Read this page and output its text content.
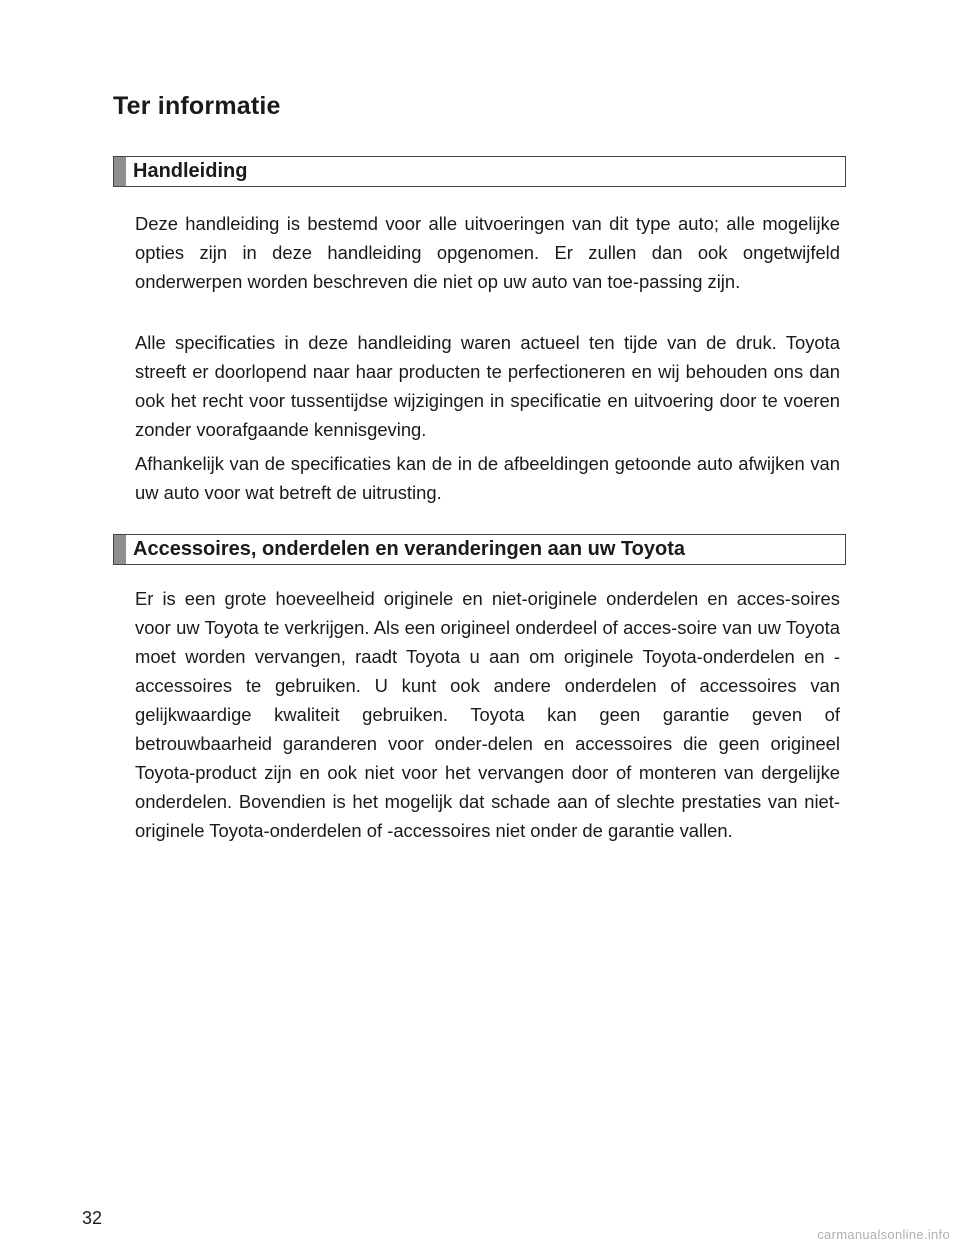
Ter informatie
Handleiding

Deze handleiding is bestemd voor alle uitvoeringen van dit type auto; alle mogelijke opties zijn in deze handleiding opgenomen. Er zullen dan ook ongetwijfeld onderwerpen worden beschreven die niet op uw auto van toe-passing zijn.

Alle specificaties in deze handleiding waren actueel ten tijde van de druk. Toyota streeft er doorlopend naar haar producten te perfectioneren en wij behouden ons dan ook het recht voor tussentijdse wijzigingen in specificatie en uitvoering door te voeren zonder voorafgaande kennisgeving.

Afhankelijk van de specificaties kan de in de afbeeldingen getoonde auto afwijken van uw auto voor wat betreft de uitrusting.

Accessoires, onderdelen en veranderingen aan uw Toyota

Er is een grote hoeveelheid originele en niet-originele onderdelen en acces-soires voor uw Toyota te verkrijgen. Als een origineel onderdeel of acces-soire van uw Toyota moet worden vervangen, raadt Toyota u aan om originele Toyota-onderdelen en -accessoires te gebruiken. U kunt ook andere onderdelen of accessoires van gelijkwaardige kwaliteit gebruiken. Toyota kan geen garantie geven of betrouwbaarheid garanderen voor onder-delen en accessoires die geen origineel Toyota-product zijn en ook niet voor het vervangen door of monteren van dergelijke onderdelen. Bovendien is het mogelijk dat schade aan of slechte prestaties van niet-originele Toyota-onderdelen of -accessoires niet onder de garantie vallen.

32
carmanualsonline.info
